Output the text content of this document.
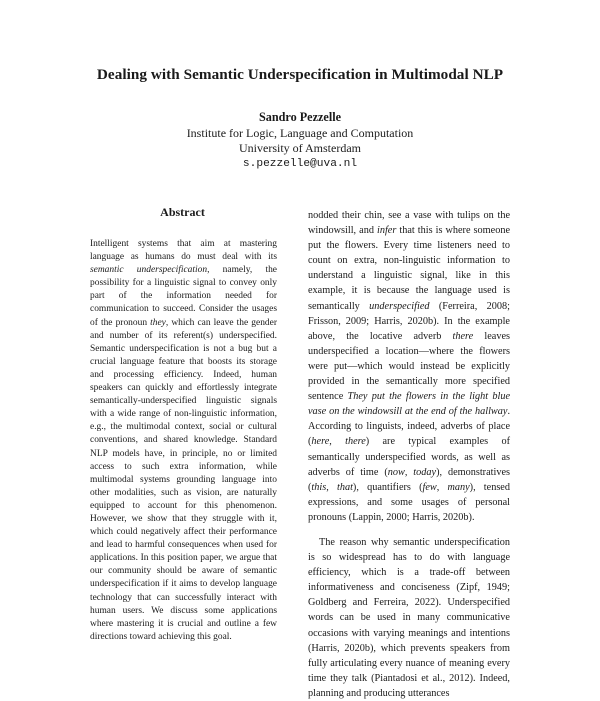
Dealing with Semantic Underspecification in Multimodal NLP
Sandro Pezzelle
Institute for Logic, Language and Computation
University of Amsterdam
s.pezzelle@uva.nl
Abstract

Intelligent systems that aim at mastering language as humans do must deal with its semantic underspecification, namely, the possibility for a linguistic signal to convey only part of the information needed for communication to succeed. Consider the usages of the pronoun they, which can leave the gender and number of its referent(s) underspecified. Semantic underspecification is not a bug but a crucial language feature that boosts its storage and processing efficiency. Indeed, human speakers can quickly and effortlessly integrate semantically-underspecified linguistic signals with a wide range of non-linguistic information, e.g., the multimodal context, social or cultural conventions, and shared knowledge. Standard NLP models have, in principle, no or limited access to such extra information, while multimodal systems grounding language into other modalities, such as vision, are naturally equipped to account for this phenomenon. However, we show that they struggle with it, which could negatively affect their performance and lead to harmful consequences when used for applications. In this position paper, we argue that our community should be aware of semantic underspecification if it aims to develop language technology that can successfully interact with human users. We discuss some applications where mastering it is crucial and outline a few directions toward achieving this goal.

nodded their chin, see a vase with tulips on the windowsill, and infer that this is where someone put the flowers. Every time listeners need to count on extra, non-linguistic information to understand a linguistic signal, like in this example, it is because the language used is semantically underspecified (Ferreira, 2008; Frisson, 2009; Harris, 2020b). In the example above, the locative adverb there leaves underspecified a location—where the flowers were put—which would instead be explicitly provided in the semantically more specified sentence They put the flowers in the light blue vase on the windowsill at the end of the hallway. According to linguists, indeed, adverbs of place (here, there) are typical examples of semantically underspecified words, as well as adverbs of time (now, today), demonstratives (this, that), quantifiers (few, many), tensed expressions, and some usages of personal pronouns (Lappin, 2000; Harris, 2020b).

The reason why semantic underspecification is so widespread has to do with language efficiency, which is a trade-off between informativeness and conciseness (Zipf, 1949; Goldberg and Ferreira, 2022). Underspecified words can be used in many communicative occasions with varying meanings and intentions (Harris, 2020b), which prevents speakers from fully articulating every nuance of meaning every time they talk (Piantadosi et al., 2012). Indeed, planning and producing utterances
